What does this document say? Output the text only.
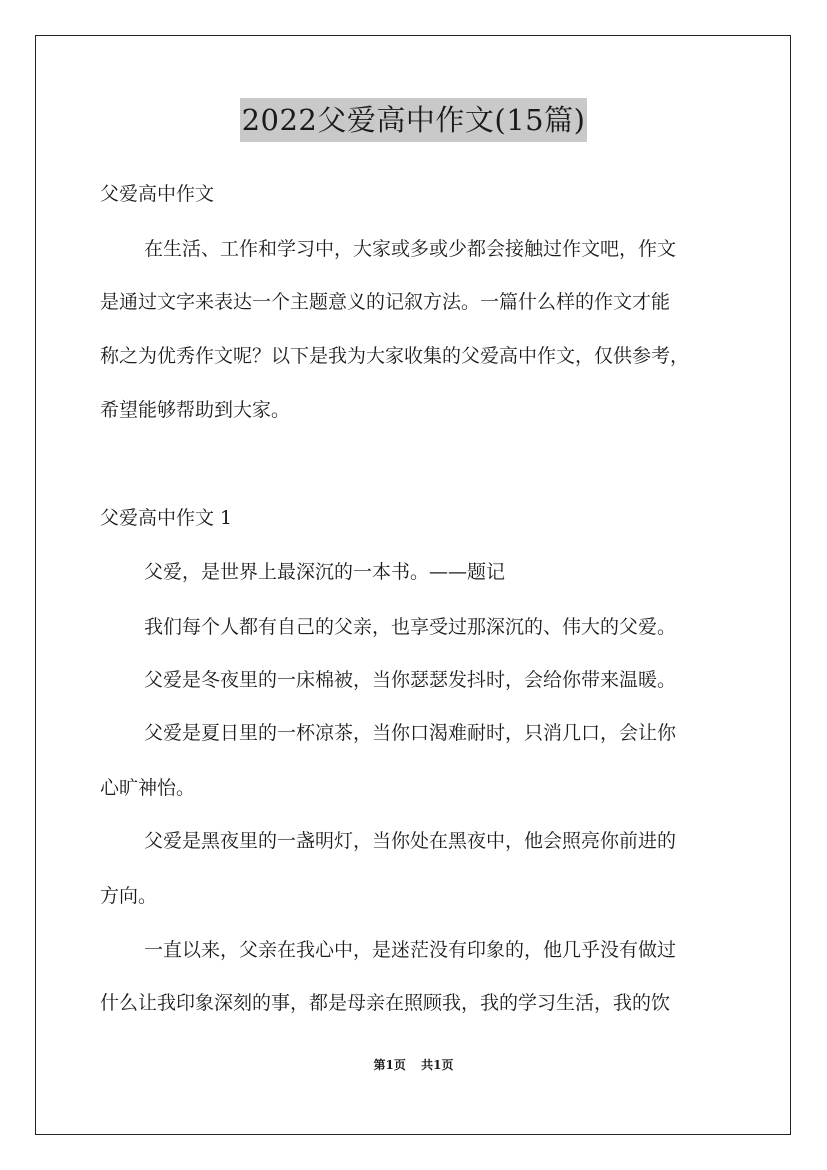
2022父爱高中作文(15篇)
父爱高中作文
在生活、工作和学习中，大家或多或少都会接触过作文吧，作文
是通过文字来表达一个主题意义的记叙方法。一篇什么样的作文才能
称之为优秀作文呢？以下是我为大家收集的父爱高中作文，仅供参考，
希望能够帮助到大家。
父爱高中作文 1
父爱，是世界上最深沉的一本书。——题记
我们每个人都有自己的父亲，也享受过那深沉的、伟大的父爱。
父爱是冬夜里的一床棉被，当你瑟瑟发抖时，会给你带来温暖。
父爱是夏日里的一杯凉茶，当你口渴难耐时，只消几口，会让你
心旷神怡。
父爱是黑夜里的一盏明灯，当你处在黑夜中，他会照亮你前进的
方向。
一直以来，父亲在我心中，是迷茫没有印象的，他几乎没有做过
什么让我印象深刻的事，都是母亲在照顾我，我的学习生活，我的饮
第1页 共1页
